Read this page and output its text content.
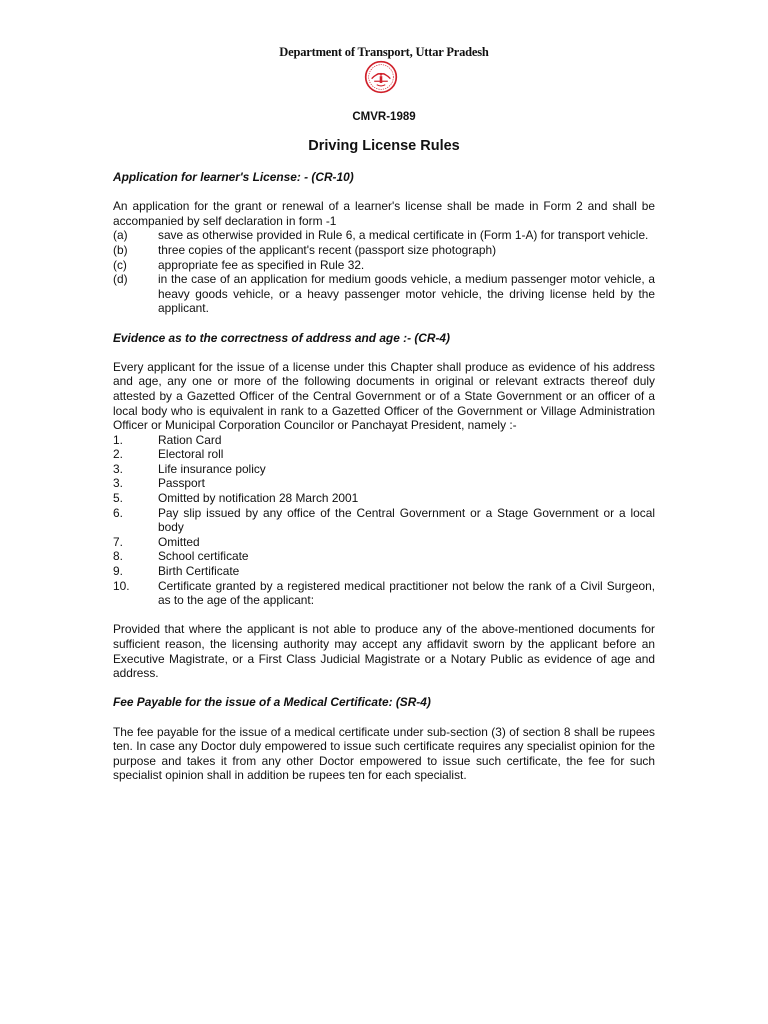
Department of Transport, Uttar Pradesh
CMVR-1989
Driving License Rules

Application for learner's License: - (CR-10)

An application for the grant or renewal of a learner's license shall be made in Form 2 and shall be accompanied by self declaration in form -1

(a)	save as otherwise provided in Rule 6, a medical certificate in (Form 1-A) for transport vehicle.
(b)	three copies of the applicant's recent (passport size photograph)
(c)	appropriate fee as specified in Rule 32.
(d)	in the case of an application for medium goods vehicle, a medium passenger motor vehicle, a heavy goods vehicle, or a heavy passenger motor vehicle, the driving license held by the applicant.

Evidence as to the correctness of address and age :- (CR-4)

Every applicant for the issue of a license under this Chapter shall produce as evidence of his address and age, any one or more of the following documents in original or relevant extracts thereof duly attested by a Gazetted Officer of the Central Government or of a State Government or an officer of a local body who is equivalent in rank to a Gazetted Officer of the Government or Village Administration Officer or Municipal Corporation Councilor or Panchayat President, namely :-

1.	Ration Card
2.	Electoral roll
3.	Life insurance policy
3.	Passport
5.	Omitted by notification 28 March 2001
6.	Pay slip issued by any office of the Central Government or a Stage Government or a local body
7.	Omitted
8.	School certificate
9.	Birth Certificate
10.	Certificate granted by a registered medical practitioner not below the rank of a Civil Surgeon, as to the age of the applicant:

Provided that where the applicant is not able to produce any of the above-mentioned documents for sufficient reason, the licensing authority may accept any affidavit sworn by the applicant before an Executive Magistrate, or a First Class Judicial Magistrate or a Notary Public as evidence of age and address.

Fee Payable for the issue of a Medical Certificate: (SR-4)

The fee payable for the issue of a medical certificate under sub-section (3) of section 8 shall be rupees ten. In case any Doctor duly empowered to issue such certificate requires any specialist opinion for the purpose and takes it from any other Doctor empowered to issue such certificate, the fee for such specialist opinion shall in addition be rupees ten for each specialist.
